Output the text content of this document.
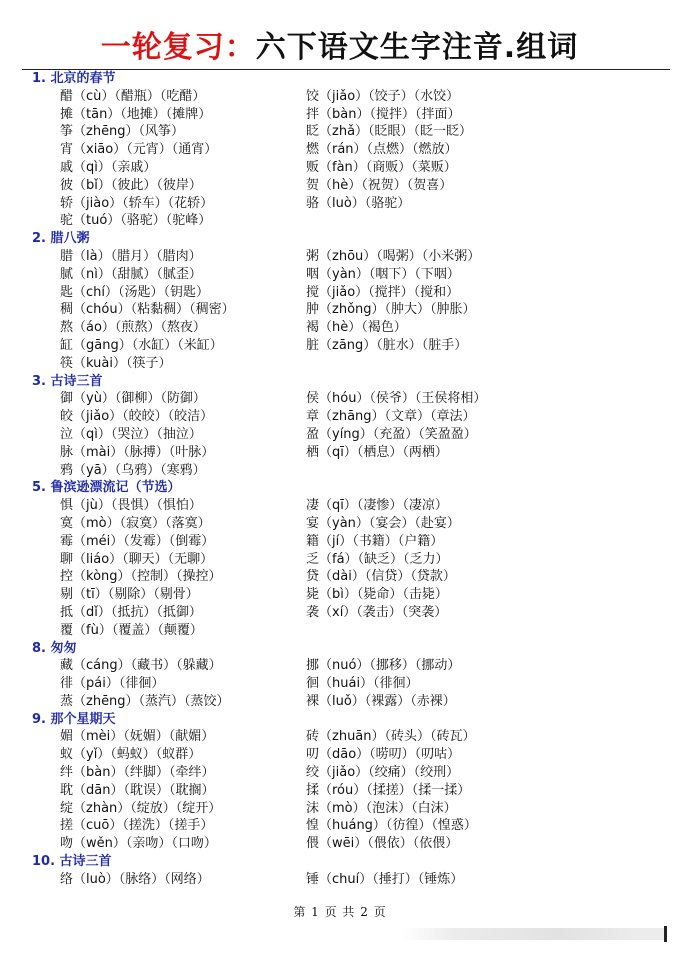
一轮复习：六下语文生字注音.组词
1. 北京的春节
醋（cù）（醋瓶）（吃醋）	饺（jiǎo）（饺子）（水饺）
摊（tān）（地摊）（摊牌）	拌（bàn）（搅拌）（拌面）
筝（zhēng）（风筝）	眨（zhǎ）（眨眼）（眨一眨）
宵（xiāo）（元宵）（通宵）	燃（rán）（点燃）（燃放）
戚（qì）（亲戚）	贩（fàn）（商贩）（菜贩）
彼（bǐ）（彼此）（彼岸）	贺（hè）（祝贺）（贺喜）
轿（jiào）（轿车）（花轿）	骆（luò）（骆驼）
驼（tuó）（骆驼）（驼峰）
2. 腊八粥
腊（là）（腊月）（腊肉）	粥（zhōu）（喝粥）（小米粥）
腻（nì）（甜腻）（腻歪）	咽（yàn）（咽下）（下咽）
匙（chí）（汤匙）（钥匙）	搅（jiǎo）（搅拌）（搅和）
稠（chóu）（粘黏稠）（稠密）	肿（zhǒng）（肿大）（肿胀）
熬（áo）（煎熬）（熬夜）	褐（hè）（褐色）
缸（gāng）（水缸）（米缸）	脏（zāng）（脏水）（脏手）
筷（kuài）（筷子）
3. 古诗三首
御（yù）（御柳）（防御）	侯（hóu）（侯爷）（王侯将相）
皎（jiǎo）（皎皎）（皎洁）	章（zhāng）（文章）（章法）
泣（qì）（哭泣）（抽泣）	盈（yíng）（充盈）（笑盈盈）
脉（mài）（脉搏）（叶脉）	栖（qī）（栖息）（两栖）
鸦（yā）（乌鸦）（寒鸦）
5. 鲁滨逊漂流记（节选）
惧（jù）（畏惧）（惧怕）	凄（qī）（凄惨）（凄凉）
寞（mò）（寂寞）（落寞）	宴（yàn）（宴会）（赴宴）
霉（méi）（发霉）（倒霉）	籍（jí）（书籍）（户籍）
聊（liáo）（聊天）（无聊）	乏（fá）（缺乏）（乏力）
控（kòng）（控制）（操控）	贷（dài）（信贷）（贷款）
剔（tī）（剔除）（剔骨）	毙（bì）（毙命）（击毙）
抵（dǐ）（抵抗）（抵御）	袭（xí）（袭击）（突袭）
覆（fù）（覆盖）（颠覆）
8. 匆匆
藏（cáng）（藏书）（躲藏）	挪（nuó）（挪移）（挪动）
徘（pái）（徘徊）	徊（huái）（徘徊）
蒸（zhēng）（蒸汽）（蒸饺）	裸（luǒ）（裸露）（赤裸）
9. 那个星期天
媚（mèi）（妩媚）（献媚）	砖（zhuān）（砖头）（砖瓦）
蚁（yǐ）（蚂蚁）（蚁群）	叨（dāo）（唠叨）（叨咕）
绊（bàn）（绊脚）（牵绊）	绞（jiǎo）（绞痛）（绞刑）
耽（dān）（耽误）（耽搁）	揉（róu）（揉搓）（揉一揉）
绽（zhàn）（绽放）（绽开）	沫（mò）（泡沫）（白沫）
搓（cuō）（搓洗）（搓手）	惶（huáng）（彷徨）（惶惑）
吻（wěn）（亲吻）（口吻）	偎（wēi）（偎依）（依偎）
10. 古诗三首
络（luò）（脉络）（网络）	锤（chuí）（捶打）（锤炼）
第 1 页 共 2 页
